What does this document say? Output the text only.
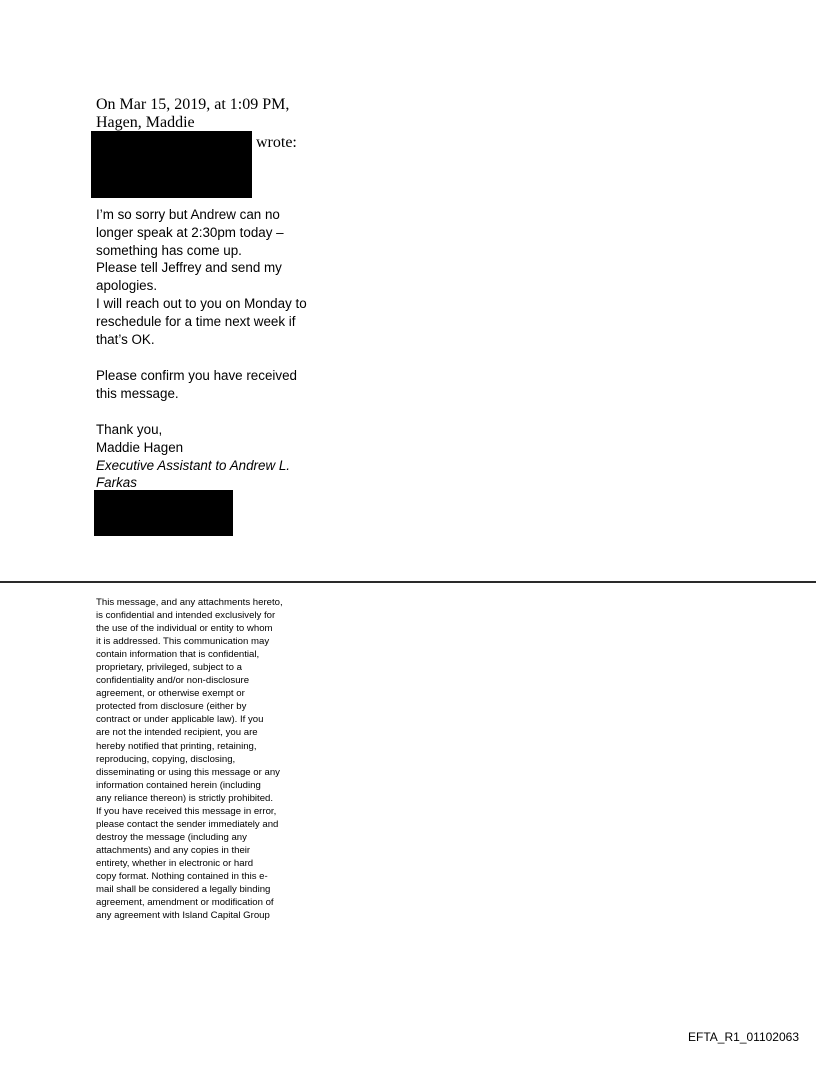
On Mar 15, 2019, at 1:09 PM,
Hagen, Maddie
wrote:
I’m so sorry but Andrew can no
longer speak at 2:30pm today –
something has come up.
Please tell Jeffrey and send my
apologies.
I will reach out to you on Monday to
reschedule for a time next week if
that’s OK.
Please confirm you have received
this message.
Thank you,
Maddie Hagen
Executive Assistant to Andrew L.
Farkas
This message, and any attachments hereto,
is confidential and intended exclusively for
the use of the individual or entity to whom
it is addressed. This communication may
contain information that is confidential,
proprietary, privileged, subject to a
confidentiality and/or non-disclosure
agreement, or otherwise exempt or
protected from disclosure (either by
contract or under applicable law). If you
are not the intended recipient, you are
hereby notified that printing, retaining,
reproducing, copying, disclosing,
disseminating or using this message or any
information contained herein (including
any reliance thereon) is strictly prohibited.
If you have received this message in error,
please contact the sender immediately and
destroy the message (including any
attachments) and any copies in their
entirety, whether in electronic or hard
copy format. Nothing contained in this e-
mail shall be considered a legally binding
agreement, amendment or modification of
any agreement with Island Capital Group
EFTA_R1_01102063
